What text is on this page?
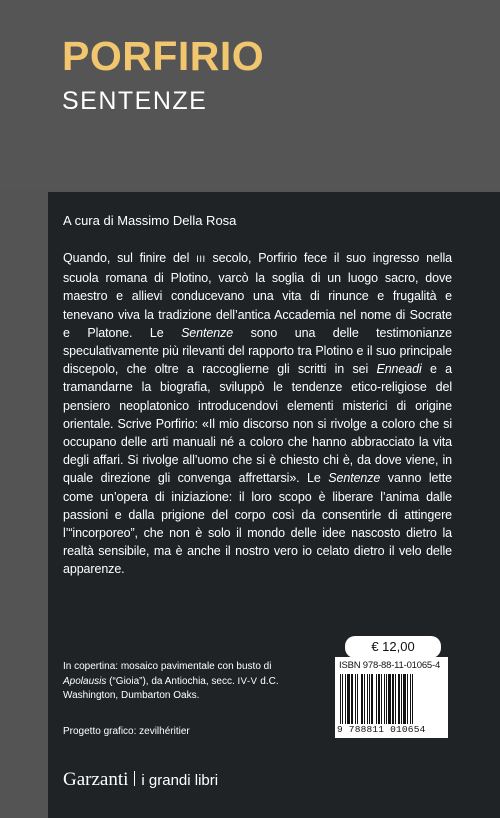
PORFIRIO
SENTENZE
A cura di Massimo Della Rosa
Quando, sul finire del III secolo, Porfirio fece il suo ingresso nella scuola romana di Plotino, varcò la soglia di un luogo sacro, dove maestro e allievi conducevano una vita di rinunce e frugalità e tenevano viva la tradizione dell’antica Accademia nel nome di Socrate e Platone. Le Sentenze sono una delle testimonianze speculativamente più rilevanti del rapporto tra Plotino e il suo principale discepolo, che oltre a raccoglierne gli scritti in sei Enneadi e a tramandarne la biografia, sviluppò le tendenze etico-religiose del pensiero neoplatonico introducendovi elementi misterici di origine orientale. Scrive Porfirio: «Il mio discorso non si rivolge a coloro che si occupano delle arti manuali né a coloro che hanno abbracciato la vita degli affari. Si rivolge all’uomo che si è chiesto chi è, da dove viene, in quale direzione gli convenga affrettarsi». Le Sentenze vanno lette come un’opera di iniziazione: il loro scopo è liberare l’anima dalle passioni e dalla prigione del corpo così da consentirle di attingere l’“incorporeo”, che non è solo il mondo delle idee nascosto dietro la realtà sensibile, ma è anche il nostro vero io celato dietro il velo delle apparenze.
In copertina: mosaico pavimentale con busto di Apolausis (“Gioia”), da Antiochia, secc. IV-V d.C. Washington, Dumbarton Oaks.
Progetto grafico: zevilhéritier
€ 12,00
ISBN 978-88-11-01065-4
9 788811 010654
Garzanti i grandi libri
